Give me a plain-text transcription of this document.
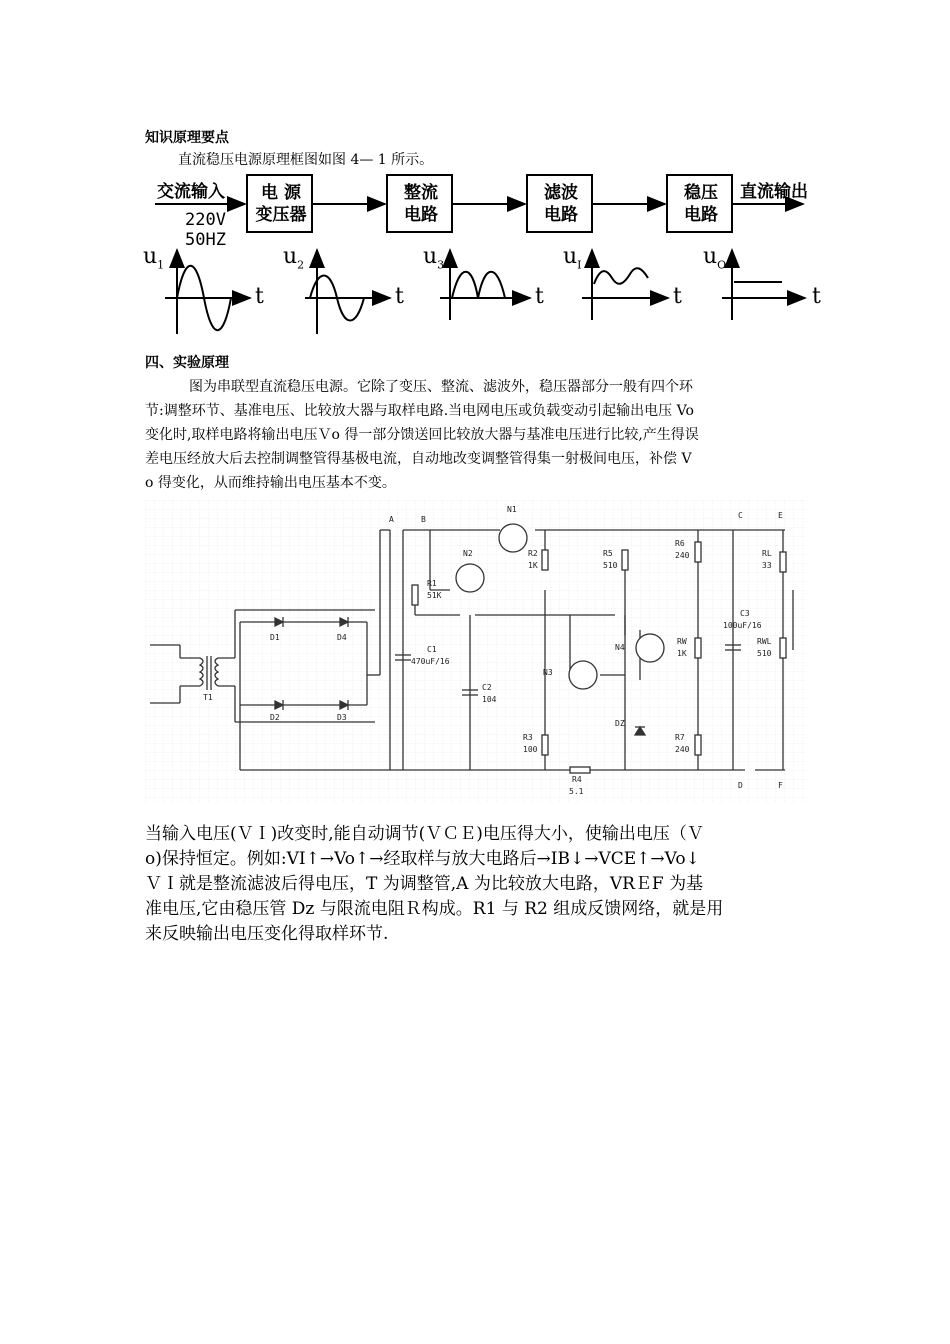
知识原理要点
直流稳压电源原理框图如图 4— 1 所示。
交流输入
220V
50HZ
直流输出
电 源
变压器
整流
电路
滤波
电路
稳压
电路
$u_1$
t
$u_2$
t
$u_3$
t
$u_I$
t
$u_O$
t
四、实验原理
图为串联型直流稳压电源。它除了变压、整流、滤波外，稳压器部分一般有四个环
节:调整环节、基准电压、比较放大器与取样电路.当电网电压或负载变动引起输出电压 Vo
变化时,取样电路将输出电压Ｖo 得一部分馈送回比较放大器与基准电压进行比较,产生得误
差电压经放大后去控制调整管得基极电流，自动地改变调整管得集一射极间电压，补偿 V
o 得变化，从而维持输出电压基本不变。
A	B	C
D
E
F
T1
D1	D4
D2	D3
N1
N2
N3
N4
DZ
R1
51K
R2
1K
R3
100
R4
5.1
R5
510
R6
240
R7
240
RW
1K
RL
33
RWL
510
C1
470uF/16
C2
104
C3
100uF/16
当输入电压(ＶＩ)改变时,能自动调节(ＶＣＥ)电压得大小，使输出电压（Ｖ
o)保持恒定。例如:VI↑→Vo↑→经取样与放大电路后→IB↓→VCE↑→Vo↓
ＶＩ就是整流滤波后得电压，T 为调整管,A 为比较放大电路，VRＥF 为基
准电压,它由稳压管 Dz 与限流电阻Ｒ构成。R1 与 R2 组成反馈网络，就是用
来反映输出电压变化得取样环节.
